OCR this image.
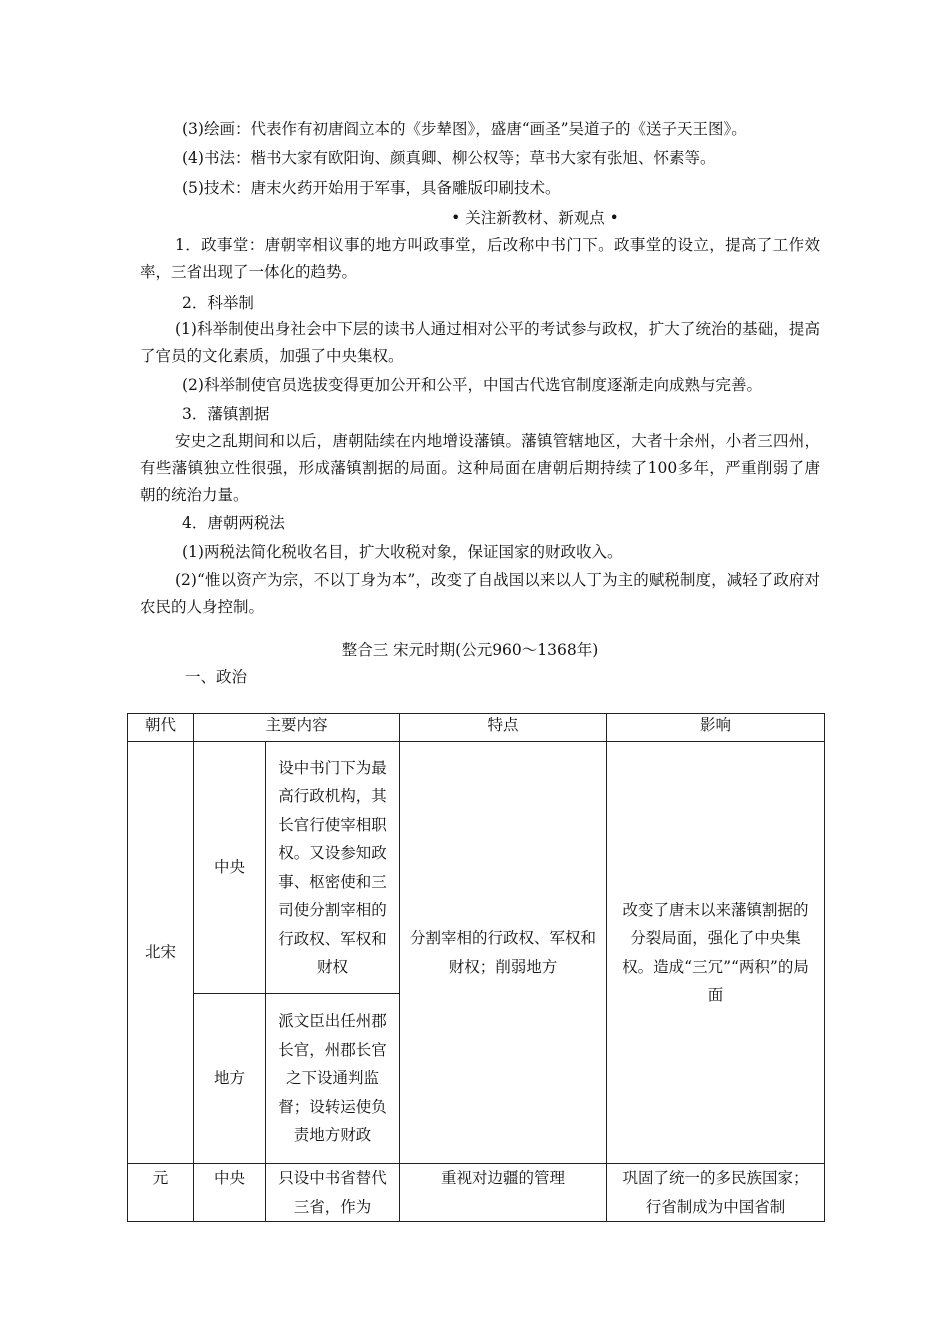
(3)绘画：代表作有初唐阎立本的《步辇图》，盛唐“画圣”吴道子的《送子天王图》。
(4)书法：楷书大家有欧阳询、颜真卿、柳公权等；草书大家有张旭、怀素等。
(5)技术：唐末火药开始用于军事，具备雕版印刷技术。
• 关注新教材、新观点 •
1．政事堂：唐朝宰相议事的地方叫政事堂，后改称中书门下。政事堂的设立，提高了工作效率，三省出现了一体化的趋势。
2．科举制
(1)科举制使出身社会中下层的读书人通过相对公平的考试参与政权，扩大了统治的基础，提高了官员的文化素质，加强了中央集权。
(2)科举制使官员选拔变得更加公开和公平，中国古代选官制度逐渐走向成熟与完善。
3．藩镇割据
安史之乱期间和以后，唐朝陆续在内地增设藩镇。藩镇管辖地区，大者十余州，小者三四州，有些藩镇独立性很强，形成藩镇割据的局面。这种局面在唐朝后期持续了100多年，严重削弱了唐朝的统治力量。
4．唐朝两税法
(1)两税法简化税收名目，扩大收税对象，保证国家的财政收入。
(2)“惟以资产为宗，不以丁身为本”，改变了自战国以来以人丁为主的赋税制度，减轻了政府对农民的人身控制。
整合三 宋元时期(公元960～1368年)
一、政治
朝代	主要内容		特点	影响
北宋	中央	设中书门下为最高行政机构，其长官行使宰相职权。又设参知政事、枢密使和三司使分割宰相的行政权、军权和财权	分割宰相的行政权、军权和财权；削弱地方	改变了唐末以来藩镇割据的分裂局面，强化了中央集权。造成“三冗”“两积”的局面
	地方	派文臣出任州郡长官，州郡长官之下设通判监督；设转运使负责地方财政		
元	中央	只设中书省替代三省，作为	重视对边疆的管理	巩固了统一的多民族国家；行省制成为中国省制
